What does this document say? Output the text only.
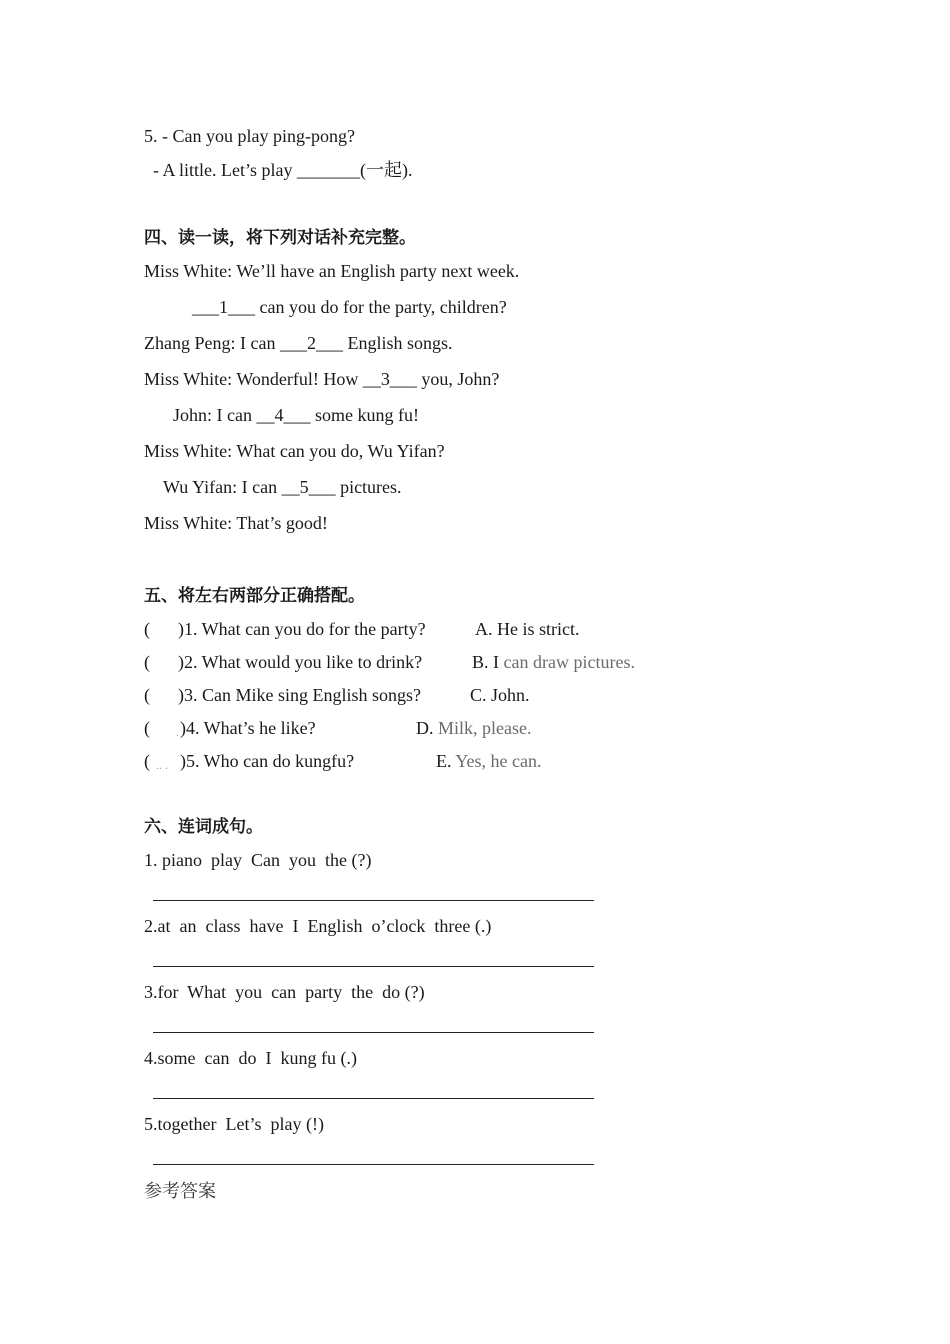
5. - Can you play ping-pong?
- A little. Let’s play _______(一起).
四、读一读，将下列对话补充完整。
Miss White: We’ll have an English party next week.
___1___ can you do for the party, children?
Zhang Peng: I can ___2___ English songs.
Miss White: Wonderful! How __3___ you, John?
John: I can __4___ some kung fu!
Miss White: What can you do, Wu Yifan?
Wu Yifan: I can __5___ pictures.
Miss White: That’s good!
五、将左右两部分正确搭配。
( )1. What can you do for the party?	A. He is strict.
( )2. What would you like to drink?	B. I can draw pictures.
( )3. Can Mike sing English songs?	C. John.
( . )4. What’s he like?	D. Milk, please.
( .. . )5. Who can do kungfu?	E. Yes, he can.
六、连词成句。
1. piano  play  Can  you  the (?)
2.at  an  class  have  I  English  o’clock  three (.)
3.for  What  you  can  party  the  do (?)
4.some  can  do  I  kung fu (.)
5.together  Let’s  play (!)
参考答案
